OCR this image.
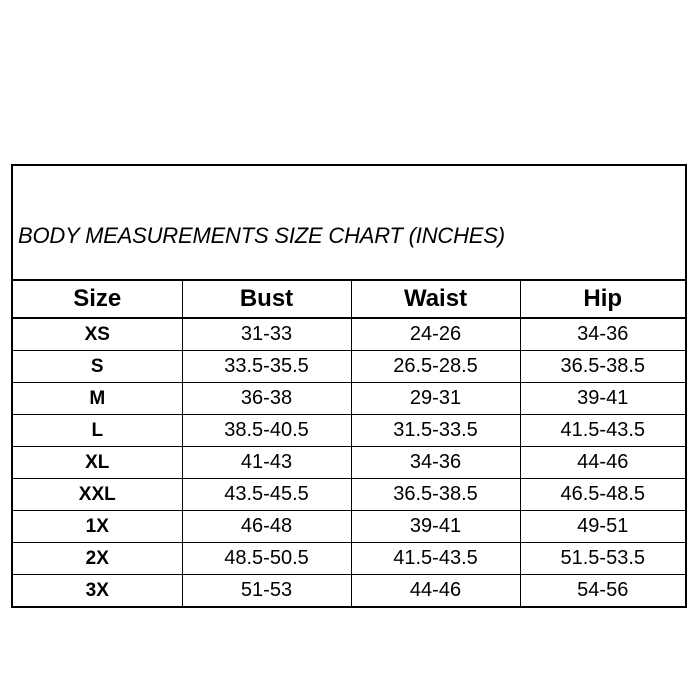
BODY MEASUREMENTS SIZE CHART (INCHES)
Size	Bust	Waist	Hip
XS	31-33	24-26	34-36
S	33.5-35.5	26.5-28.5	36.5-38.5
M	36-38	29-31	39-41
L	38.5-40.5	31.5-33.5	41.5-43.5
XL	41-43	34-36	44-46
XXL	43.5-45.5	36.5-38.5	46.5-48.5
1X	46-48	39-41	49-51
2X	48.5-50.5	41.5-43.5	51.5-53.5
3X	51-53	44-46	54-56
